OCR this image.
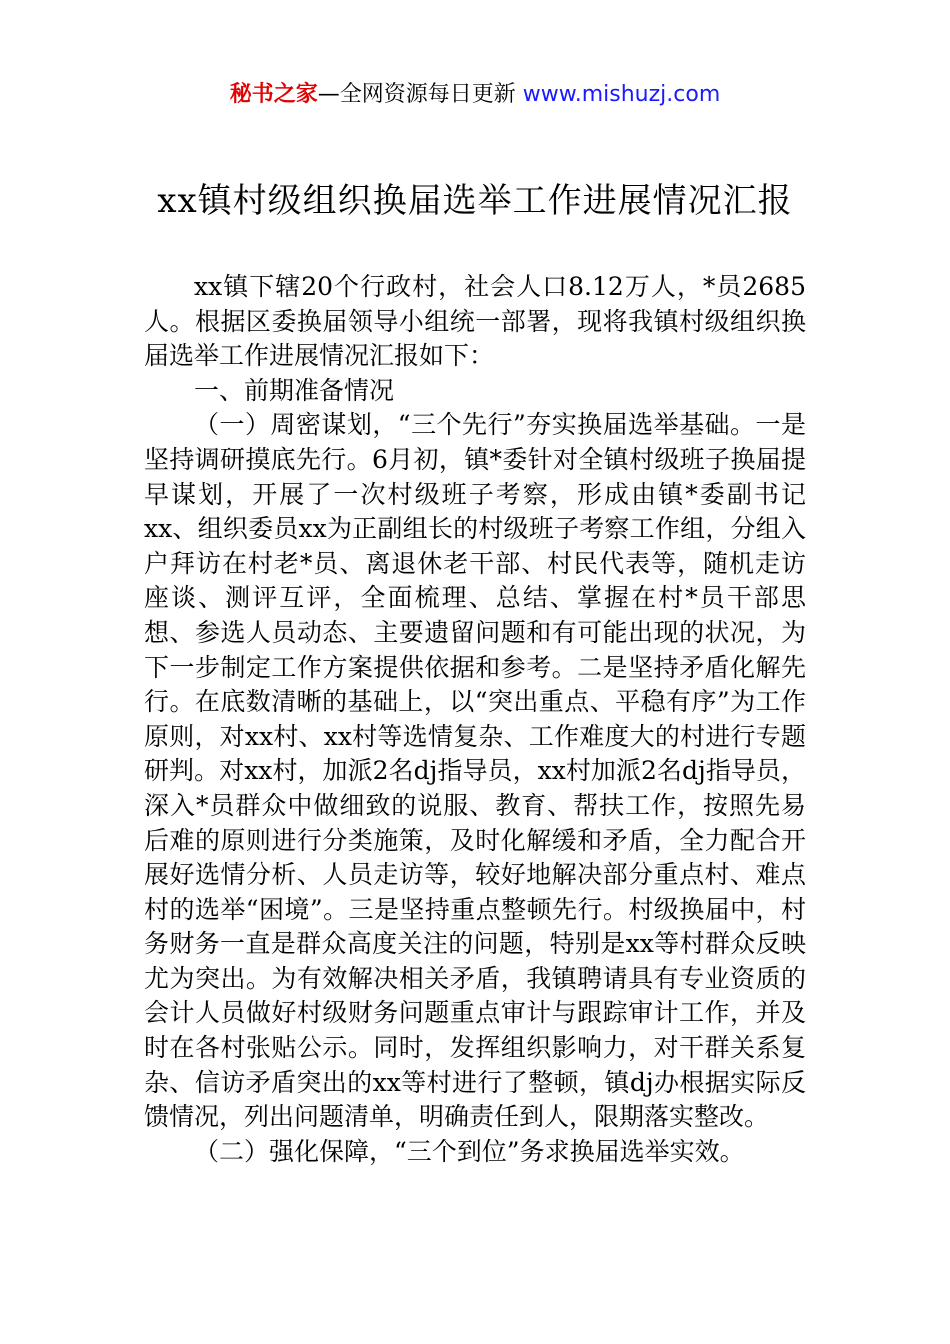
秘书之家—全网资源每日更新 www.mishuzj.com
xx镇村级组织换届选举工作进展情况汇报

xx镇下辖20个行政村，社会人口8.12万人，*员2685人。根据区委换届领导小组统一部署，现将我镇村级组织换届选举工作进展情况汇报如下：

一、前期准备情况

（一）周密谋划，“三个先行”夯实换届选举基础。一是坚持调研摸底先行。6月初，镇*委针对全镇村级班子换届提早谋划，开展了一次村级班子考察，形成由镇*委副书记xx、组织委员xx为正副组长的村级班子考察工作组，分组入户拜访在村老*员、离退休老干部、村民代表等，随机走访座谈、测评互评，全面梳理、总结、掌握在村*员干部思想、参选人员动态、主要遗留问题和有可能出现的状况，为下一步制定工作方案提供依据和参考。二是坚持矛盾化解先行。在底数清晰的基础上，以“突出重点、平稳有序”为工作原则，对xx村、xx村等选情复杂、工作难度大的村进行专题研判。对xx村，加派2名dj指导员，xx村加派2名dj指导员，深入*员群众中做细致的说服、教育、帮扶工作，按照先易后难的原则进行分类施策，及时化解缓和矛盾，全力配合开展好选情分析、人员走访等，较好地解决部分重点村、难点村的选举“困境”。三是坚持重点整顿先行。村级换届中，村务财务一直是群众高度关注的问题，特别是xx等村群众反映尤为突出。为有效解决相关矛盾，我镇聘请具有专业资质的会计人员做好村级财务问题重点审计与跟踪审计工作，并及时在各村张贴公示。同时，发挥组织影响力，对干群关系复杂、信访矛盾突出的xx等村进行了整顿，镇dj办根据实际反馈情况，列出问题清单，明确责任到人，限期落实整改。

（二）强化保障，“三个到位”务求换届选举实效。
